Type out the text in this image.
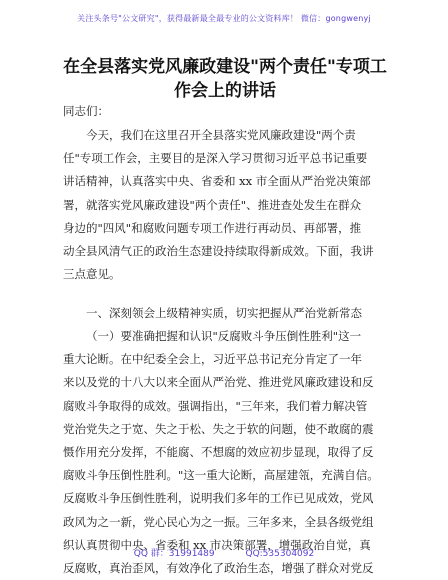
关注头条号"公文研究"，获得最新最全最专业的公文资料库！ 微信：gongwenyj
在全县落实党风廉政建设"两个责任"专项工
作会上的讲话
同志们：
今天，我们在这里召开全县落实党风廉政建设"两个责
任"专项工作会，主要目的是深入学习贯彻习近平总书记重要
讲话精神，认真落实中央、省委和 xx 市全面从严治党决策部
署，就落实党风廉政建设"两个责任"、推进查处发生在群众
身边的"四风"和腐败问题专项工作进行再动员、再部署，推
动全县风清气正的政治生态建设持续取得新成效。下面，我讲
三点意见。
一、深刻领会上级精神实质，切实把握从严治党新常态
（一）要准确把握和认识"反腐败斗争压倒性胜利"这一
重大论断。在中纪委全会上，习近平总书记充分肯定了一年
来以及党的十八大以来全面从严治党、推进党风廉政建设和反
腐败斗争取得的成效。强调指出，"三年来，我们着力解决管
党治党失之于宽、失之于松、失之于软的问题，使不敢腐的震
慑作用充分发挥，不能腐、不想腐的效应初步显现，取得了反
腐败斗争压倒性胜利。"这一重大论断，高屋建瓴，充满自信。
反腐败斗争压倒性胜利，说明我们多年的工作已见成效，党风
政风为之一新，党心民心为之一振。三年多来，全县各级党组
织认真贯彻中央、省委和 xx 市决策部署，增强政治自觉，真
反腐败，真治歪风，有效净化了政治生态，增强了群众对党反
QQ 群：31991489	QQ:535304092
